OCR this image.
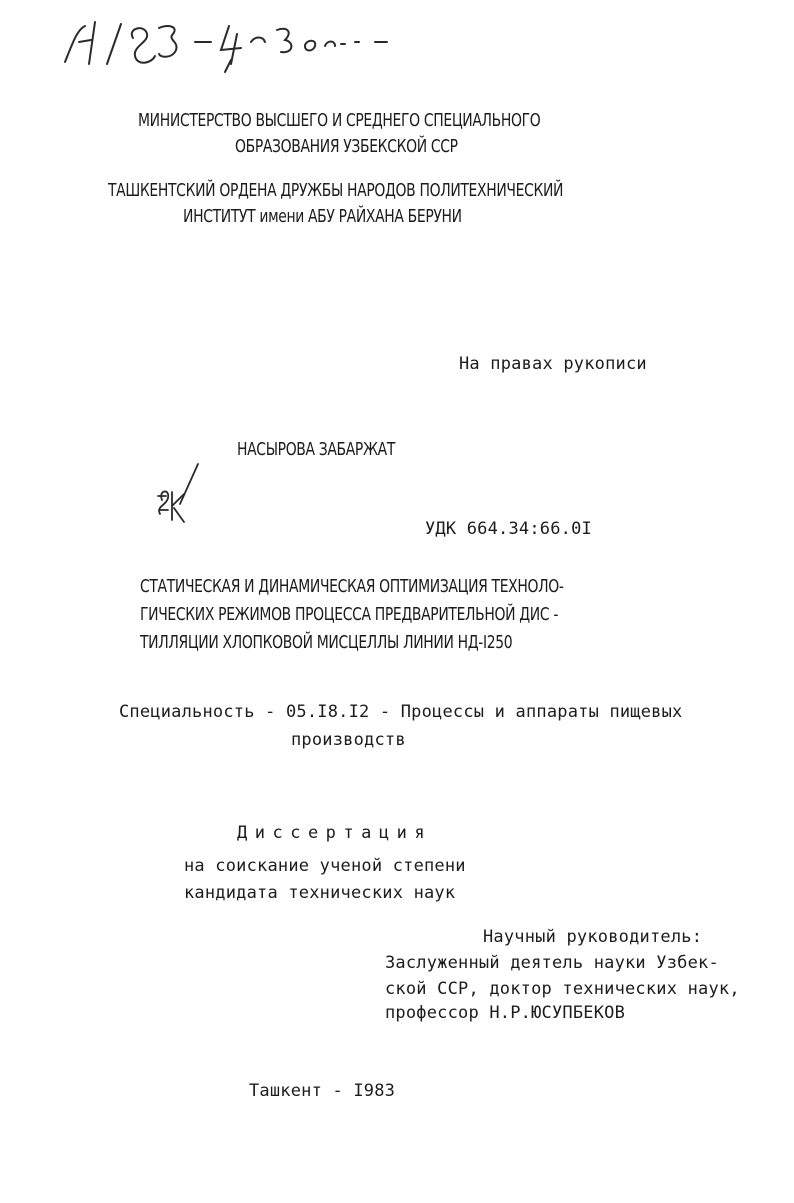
МИНИСТЕРСТВО ВЫСШЕГО И СРЕДНЕГО СПЕЦИАЛЬНОГО
ОБРАЗОВАНИЯ УЗБЕКСКОЙ ССР
ТАШКЕНТСКИЙ ОРДЕНА ДРУЖБЫ НАРОДОВ ПОЛИТЕХНИЧЕСКИЙ
ИНСТИТУТ имени АБУ РАЙХАНА БЕРУНИ
На правах рукописи
НАСЫРОВА ЗАБАРЖАТ
УДК 664.34:66.0I
СТАТИЧЕСКАЯ И ДИНАМИЧЕСКАЯ ОПТИМИЗАЦИЯ ТЕХНОЛО-
ГИЧЕСКИХ РЕЖИМОВ ПРОЦЕССА ПРЕДВАРИТЕЛЬНОЙ ДИС -
ТИЛЛЯЦИИ ХЛОПКОВОЙ МИСЦЕЛЛЫ ЛИНИИ НД-I250
Специальность - 05.I8.I2 - Процессы и аппараты пищевых
производств
Диссертация
на соискание ученой степени
кандидата технических наук
Научный руководитель:
Заслуженный деятель науки Узбек-
ской ССР, доктор технических наук,
профессор Н.Р.ЮСУПБЕКОВ
Ташкент - I983
